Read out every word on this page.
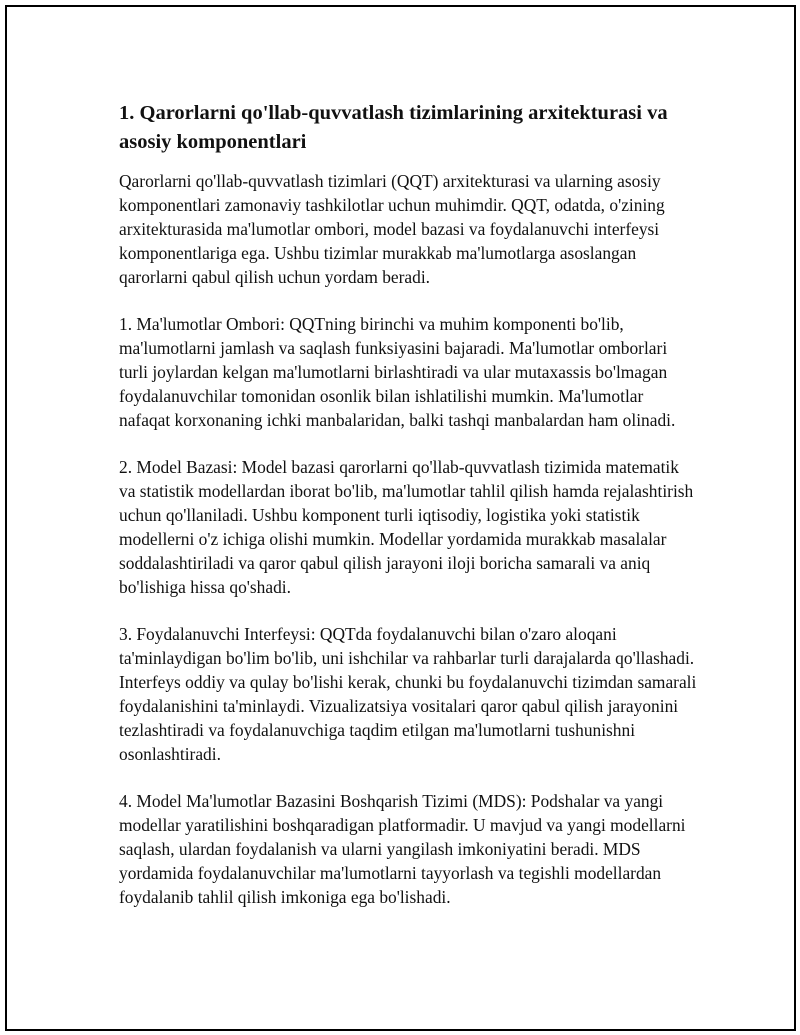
1. Qarorlarni qo'llab-quvvatlash tizimlarining arxitekturasi va asosiy komponentlari

Qarorlarni qo'llab-quvvatlash tizimlari (QQT) arxitekturasi va ularning asosiy komponentlari zamonaviy tashkilotlar uchun muhimdir. QQT, odatda, o'zining arxitekturasida ma'lumotlar ombori, model bazasi va foydalanuvchi interfeysi komponentlariga ega. Ushbu tizimlar murakkab ma'lumotlarga asoslangan qarorlarni qabul qilish uchun yordam beradi.

1. Ma'lumotlar Ombori: QQTning birinchi va muhim komponenti bo'lib, ma'lumotlarni jamlash va saqlash funksiyasini bajaradi. Ma'lumotlar omborlari turli joylardan kelgan ma'lumotlarni birlashtiradi va ular mutaxassis bo'lmagan foydalanuvchilar tomonidan osonlik bilan ishlatilishi mumkin. Ma'lumotlar nafaqat korxonaning ichki manbalaridan, balki tashqi manbalardan ham olinadi.

2. Model Bazasi: Model bazasi qarorlarni qo'llab-quvvatlash tizimida matematik va statistik modellardan iborat bo'lib, ma'lumotlar tahlil qilish hamda rejalashtirish uchun qo'llaniladi. Ushbu komponent turli iqtisodiy, logistika yoki statistik modellerni o'z ichiga olishi mumkin. Modellar yordamida murakkab masalalar soddalashtiriladi va qaror qabul qilish jarayoni iloji boricha samarali va aniq bo'lishiga hissa qo'shadi.

3. Foydalanuvchi Interfeysi: QQTda foydalanuvchi bilan o'zaro aloqani ta'minlaydigan bo'lim bo'lib, uni ishchilar va rahbarlar turli darajalarda qo'llashadi. Interfeys oddiy va qulay bo'lishi kerak, chunki bu foydalanuvchi tizimdan samarali foydalanishini ta'minlaydi. Vizualizatsiya vositalari qaror qabul qilish jarayonini tezlashtiradi va foydalanuvchiga taqdim etilgan ma'lumotlarni tushunishni osonlashtiradi.

4. Model Ma'lumotlar Bazasini Boshqarish Tizimi (MDS): Podshalar va yangi modellar yaratilishini boshqaradigan platformadir. U mavjud va yangi modellarni saqlash, ulardan foydalanish va ularni yangilash imkoniyatini beradi. MDS yordamida foydalanuvchilar ma'lumotlarni tayyorlash va tegishli modellardan foydalanib tahlil qilish imkoniga ega bo'lishadi.
